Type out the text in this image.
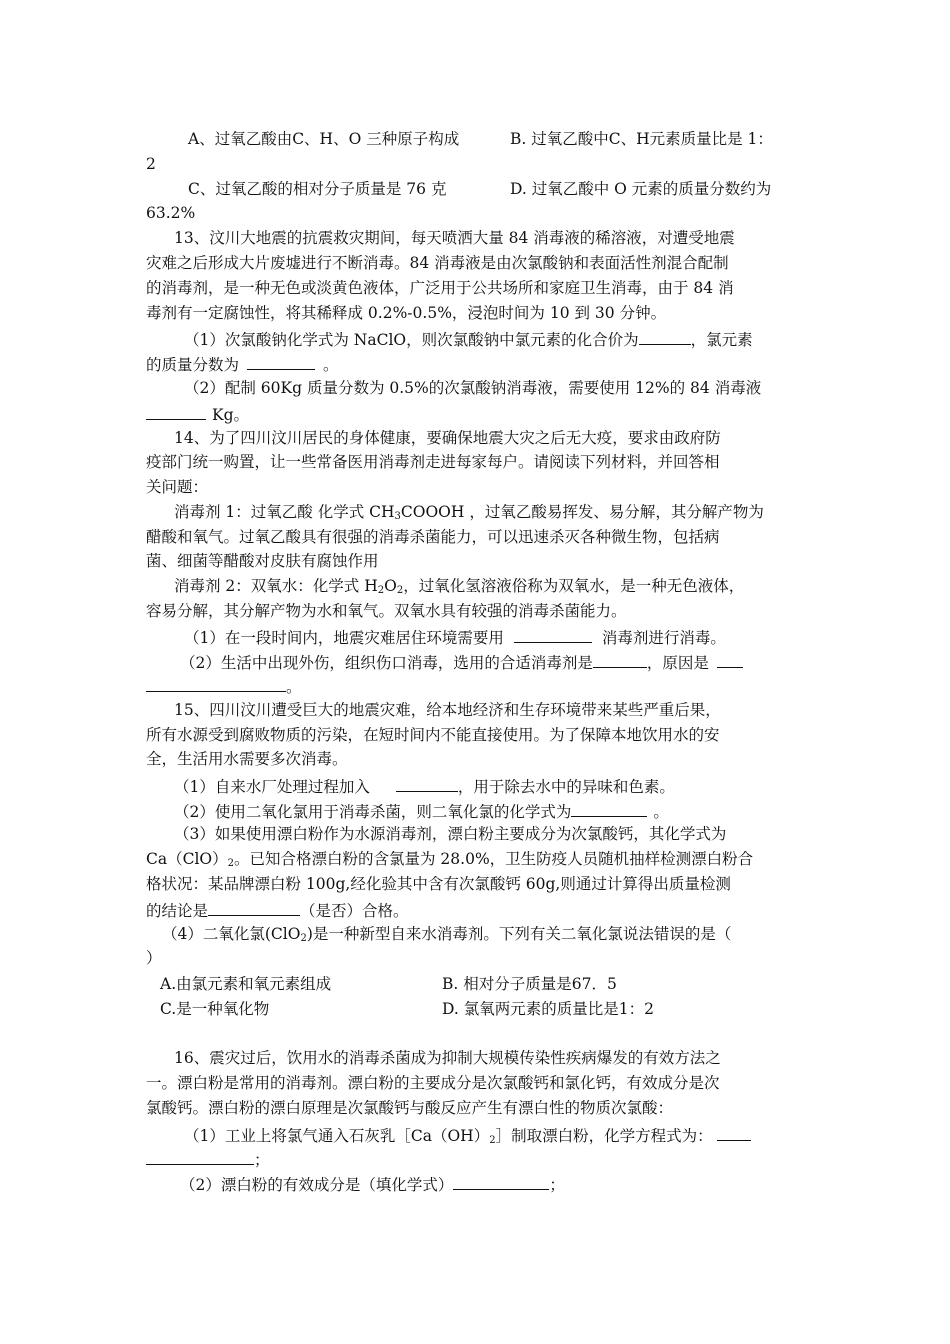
A、过氧乙酸由C、H、O 三种原子构成	B. 过氧乙酸中C、H元素质量比是 1：
2
C、过氧乙酸的相对分子质量是 76 克	D. 过氧乙酸中 O 元素的质量分数约为
63.2%
13、汶川大地震的抗震救灾期间，每天喷洒大量 84 消毒液的稀溶液，对遭受地震
灾难之后形成大片废墟进行不断消毒。84 消毒液是由次氯酸钠和表面活性剂混合配制
的消毒剂，是一种无色或淡黄色液体，广泛用于公共场所和家庭卫生消毒，由于 84 消
毒剂有一定腐蚀性，将其稀释成 0.2%-0.5%，浸泡时间为 10 到 30 分钟。
（1）次氯酸钠化学式为 NaClO，则次氯酸钠中氯元素的化合价为	，氯元素
的质量分数为	。
（2）配制 60Kg 质量分数为 0.5%的次氯酸钠消毒液，需要使用 12%的 84 消毒液
Kg。
14、为了四川汶川居民的身体健康，要确保地震大灾之后无大疫，要求由政府防
疫部门统一购置，让一些常备医用消毒剂走进每家每户。请阅读下列材料，并回答相
关问题：
消毒剂 1：过氧乙酸 化学式 $CH_3COOOH$ ，过氧乙酸易挥发、易分解，其分解产物为
醋酸和氧气。过氧乙酸具有很强的消毒杀菌能力，可以迅速杀灭各种微生物，包括病
菌、细菌等醋酸对皮肤有腐蚀作用
消毒剂 2：双氧水：化学式 $H_2O_2$，过氧化氢溶液俗称为双氧水，是一种无色液体，
容易分解，其分解产物为水和氧气。双氧水具有较强的消毒杀菌能力。
（1）在一段时间内，地震灾难居住环境需要用	消毒剂进行消毒。
（2）生活中出现外伤，组织伤口消毒，选用的合适消毒剂是	，原因是
。
15、四川汶川遭受巨大的地震灾难，给本地经济和生存环境带来某些严重后果，
所有水源受到腐败物质的污染，在短时间内不能直接使用。为了保障本地饮用水的安
全，生活用水需要多次消毒。
（1）自来水厂处理过程加入	，用于除去水中的异味和色素。
（2）使用二氧化氯用于消毒杀菌，则二氧化氯的化学式为	。
（3）如果使用漂白粉作为水源消毒剂，漂白粉主要成分为次氯酸钙，其化学式为
$Ca(ClO)_2$。已知合格漂白粉的含氯量为 28.0%，卫生防疫人员随机抽样检测漂白粉合
格状况：某品牌漂白粉 100g,经化验其中含有次氯酸钙 60g,则通过计算得出质量检测
的结论是	（是否）合格。
（4）二氧化氯(ClO$_2$)是一种新型自来水消毒剂。下列有关二氧化氯说法错误的是（
）
A.由氯元素和氧元素组成	B. 相对分子质量是67．5
C.是一种氧化物	D. 氯氧两元素的质量比是1：2
16、震灾过后，饮用水的消毒杀菌成为抑制大规模传染性疾病爆发的有效方法之
一。漂白粉是常用的消毒剂。漂白粉的主要成分是次氯酸钙和氯化钙，有效成分是次
氯酸钙。漂白粉的漂白原理是次氯酸钙与酸反应产生有漂白性的物质次氯酸：
（1）工业上将氯气通入石灰乳$[Ca(OH)_2]$制取漂白粉，化学方程式为：
；
（2）漂白粉的有效成分是（填化学式）	；
